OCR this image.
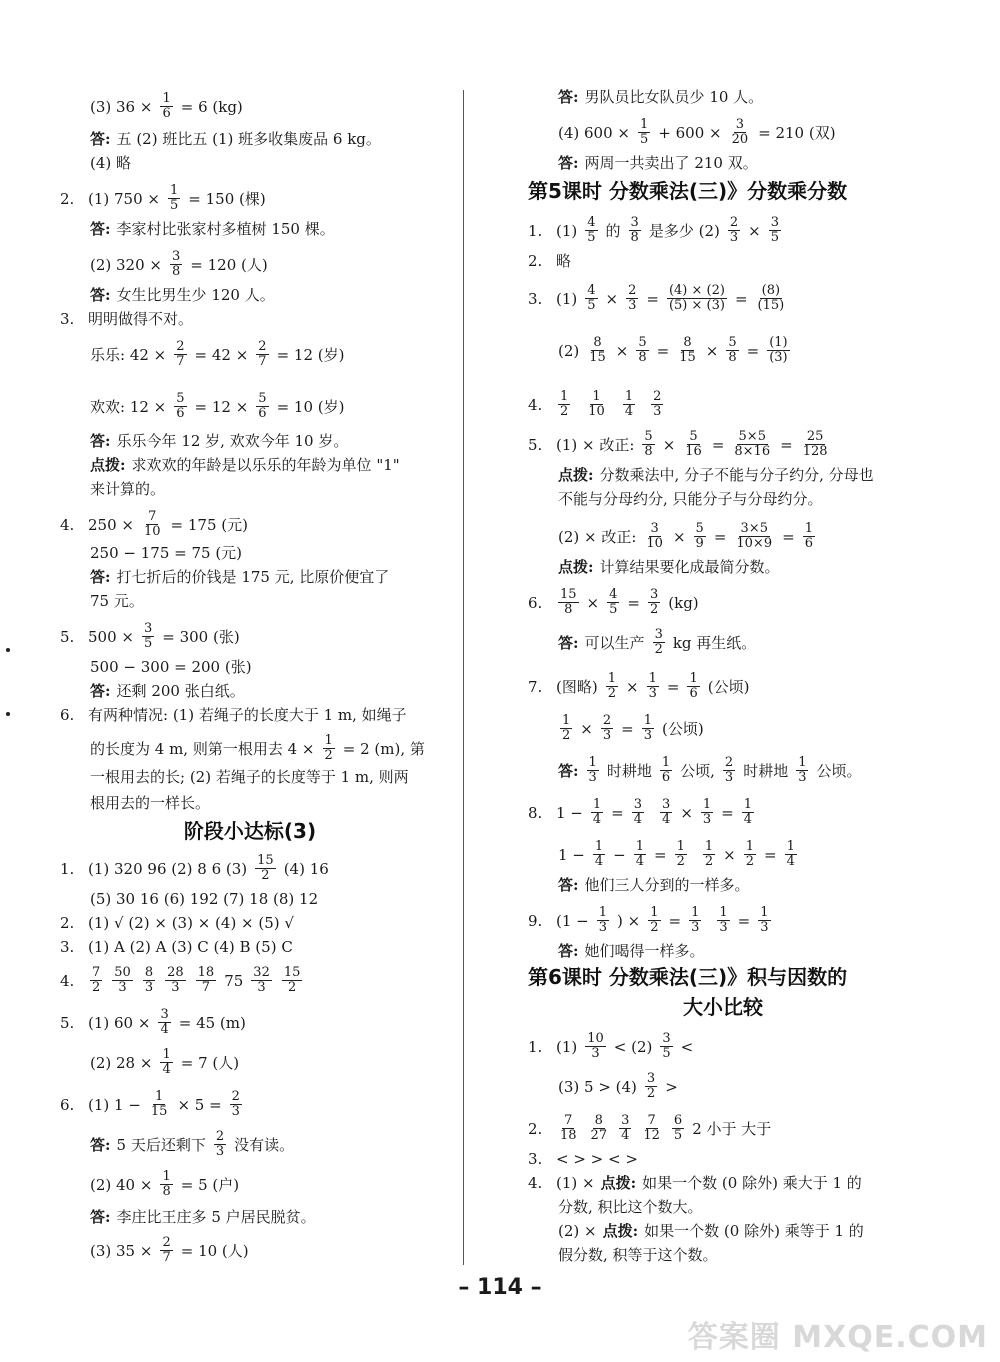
(3) $36 \times \frac{1}{6} = 6$ (kg)
答: 五 (2) 班比五 (1) 班多收集废品 6 kg。
(4) 略
2. (1) $750 \times \frac{1}{5} = 150$ (棵)
答: 李家村比张家村多植树 150 棵。
(2) $320 \times \frac{3}{8} = 120$ (人)
答: 女生比男生少 120 人。
3. 明明做得不对。
乐乐: $42 \times \frac{2}{7} = 42 \times \frac{2}{7} = 12$ (岁)
欢欢: $12 \times \frac{5}{6} = 12 \times \frac{5}{6} = 10$ (岁)
答: 乐乐今年 12 岁, 欢欢今年 10 岁。
点拨: 求欢欢的年龄是以乐乐的年龄为单位 "1"
来计算的。
4. $250 \times \frac{7}{10} = 175$ (元)
250 − 175 = 75 (元)
答: 打七折后的价钱是 175 元, 比原价便宜了
75 元。
5. $500 \times \frac{3}{5} = 300$ (张)
500 − 300 = 200 (张)
答: 还剩 200 张白纸。
6. 有两种情况: (1) 若绳子的长度大于 1 m, 如绳子
的长度为 4 m, 则第一根用去 $4 \times \frac{1}{2} = 2$ (m), 第
一根用去的长; (2) 若绳子的长度等于 1 m, 则两
根用去的一样长。
阶段小达标(3)
1. (1) 320 96 (2) 8 6 $(3) \frac{15}{2} (4)$ 16
(5) 30 16 (6) 192 (7) 18 (8) 12
2. (1) √ (2) × (3) × (4) × (5) √
3. (1) A (2) A (3) C (4) B (5) C
4.	$\frac{7}{2} \frac{50}{3} \frac{8}{3} \frac{28}{3} \frac{18}{7} 75 \frac{32}{3} \frac{15}{2}$
5. (1) $60 \times \frac{3}{4} = 45$ (m)
(2) $28 \times \frac{1}{4} = 7$ (人)
6. (1) $1 - \frac{1}{15} \times 5 = \frac{2}{3}$
答: 5 天后还剩下 $\frac{2}{3}$ 没有读。
(2) $40 \times \frac{1}{8} = 5$ (户)
答: 李庄比王庄多 5 户居民脱贫。
(3) $35 \times \frac{2}{7} = 10$ (人)
答: 男队员比女队员少 10 人。
(4) $600 \times \frac{1}{5} + 600 \times \frac{3}{20} = 210$ (双)
答: 两周一共卖出了 210 双。
第5课时 分数乘法(三)》分数乘分数
1. $(1) \frac{4}{5}$ 的 $\frac{3}{8}$ 是多少 $(2) \frac{2}{3} \times \frac{3}{5}$
2. 略
3. $(1) \frac{4}{5} \times \frac{2}{3} = \frac{(4) \times (2)}{(5) \times (3)} = \frac{(8)}{(15)}$
$(2) \frac{8}{15} \times \frac{5}{8} = \frac{8}{15} \times \frac{5}{8} = \frac{(1)}{(3)}$
4.	$\frac{1}{2} \frac{1}{10} \frac{1}{4} \frac{2}{3}$
5. (1) × 改正: $\frac{5}{8} \times \frac{5}{16} = \frac{5\times 5}{8\times 16} = \frac{25}{128}$
点拨: 分数乘法中, 分子不能与分子约分, 分母也
不能与分母约分, 只能分子与分母约分。
(2) × 改正: $\frac{3}{10} \times \frac{5}{9} = \frac{3\times 5}{10\times 9} = \frac{1}{6}$
点拨: 计算结果要化成最简分数。
6.	$\frac{15}{8} \times \frac{4}{5} = \frac{3}{2} (kg)$
答: 可以生产 $\frac{3}{2}$ kg 再生纸。
7. (图略) $\frac{1}{2} \times \frac{1}{3} = \frac{1}{6}$ (公顷)
$\frac{1}{2} \times \frac{2}{3} = \frac{1}{3}$ (公顷)
答: $\frac{1}{3}$ 时耕地 $\frac{1}{6}$ 公顷, $\frac{2}{3}$ 时耕地 $\frac{1}{3}$ 公顷。
8. $1 - \frac{1}{4} = \frac{3}{4} \frac{3}{4} \times \frac{1}{3} = \frac{1}{4}$
$1 - \frac{1}{4} - \frac{1}{4} = \frac{1}{2} \frac{1}{2} \times \frac{1}{2} = \frac{1}{4}$
答: 他们三人分到的一样多。
9. ($1 - \frac{1}{3}$ ) × $\frac{1}{2} = \frac{1}{3} \frac{1}{3} = \frac{1}{3}$
答: 她们喝得一样多。
第6课时 分数乘法(三)》积与因数的
大小比较
1. $(1) \frac{10}{3} < (2) \frac{3}{5}$ <
(3) $5 > (4) \frac{3}{2}$ >
2.	$\frac{7}{18} \frac{8}{27} \frac{3}{4} \frac{7}{12} \frac{6}{5} 2$ 小于 大于
3. < > > < >
4. (1) × 点拨: 如果一个数 (0 除外) 乘大于 1 的
分数, 积比这个数大。
(2) × 点拨: 如果一个数 (0 除外) 乘等于 1 的
假分数, 积等于这个数。
– 114 –
答案圈 MXQE.COM
